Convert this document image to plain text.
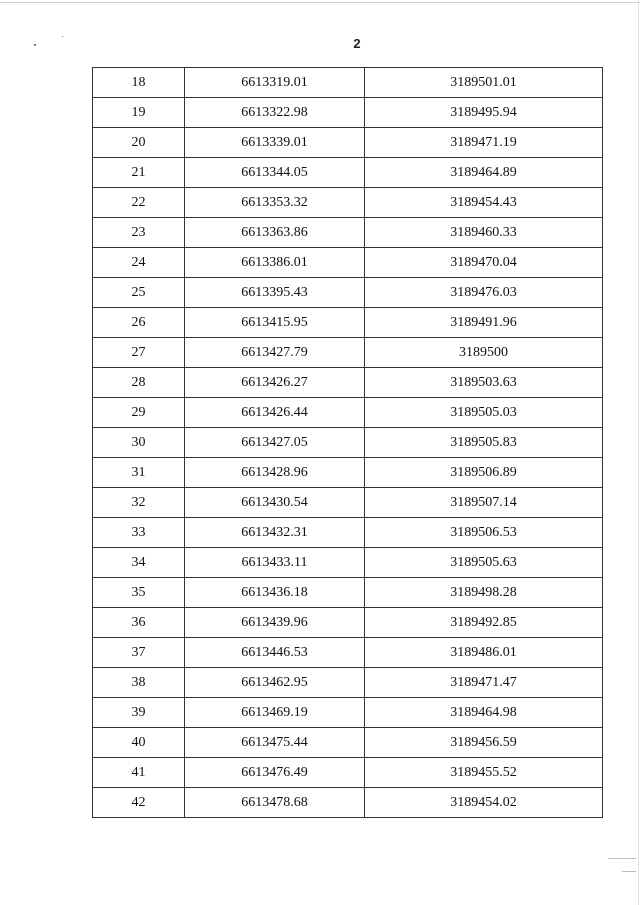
2
18	6613319.01	3189501.01
19	6613322.98	3189495.94
20	6613339.01	3189471.19
21	6613344.05	3189464.89
22	6613353.32	3189454.43
23	6613363.86	3189460.33
24	6613386.01	3189470.04
25	6613395.43	3189476.03
26	6613415.95	3189491.96
27	6613427.79	3189500
28	6613426.27	3189503.63
29	6613426.44	3189505.03
30	6613427.05	3189505.83
31	6613428.96	3189506.89
32	6613430.54	3189507.14
33	6613432.31	3189506.53
34	6613433.11	3189505.63
35	6613436.18	3189498.28
36	6613439.96	3189492.85
37	6613446.53	3189486.01
38	6613462.95	3189471.47
39	6613469.19	3189464.98
40	6613475.44	3189456.59
41	6613476.49	3189455.52
42	6613478.68	3189454.02
